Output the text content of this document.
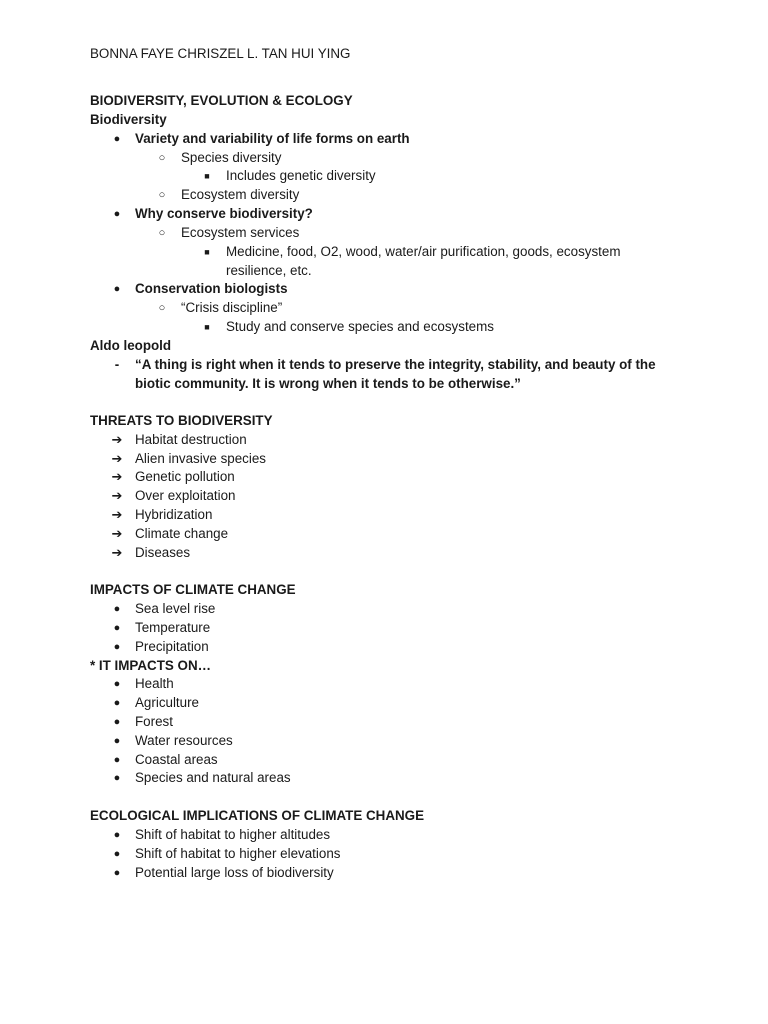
BONNA FAYE CHRISZEL L. TAN HUI YING
BIODIVERSITY, EVOLUTION & ECOLOGY
Biodiversity
●	Variety and variability of life forms on earth
○	Species diversity
■	Includes genetic diversity
○	Ecosystem diversity
●	Why conserve biodiversity?
○	Ecosystem services
■	Medicine, food, O2, wood, water/air purification, goods, ecosystem
resilience, etc.
●	Conservation biologists
○	“Crisis discipline”
■	Study and conserve species and ecosystems
Aldo leopold
-	“A thing is right when it tends to preserve the integrity, stability, and beauty of the
biotic community. It is wrong when it tends to be otherwise.”
THREATS TO BIODIVERSITY
➔ Habitat destruction
➔ Alien invasive species
➔ Genetic pollution
➔ Over exploitation
➔ Hybridization
➔ Climate change
➔ Diseases
IMPACTS OF CLIMATE CHANGE
●	Sea level rise
●	Temperature
●	Precipitation
* IT IMPACTS ON…
●	Health
●	Agriculture
●	Forest
●	Water resources
●	Coastal areas
●	Species and natural areas
ECOLOGICAL IMPLICATIONS OF CLIMATE CHANGE
●	Shift of habitat to higher altitudes
●	Shift of habitat to higher elevations
●	Potential large loss of biodiversity
